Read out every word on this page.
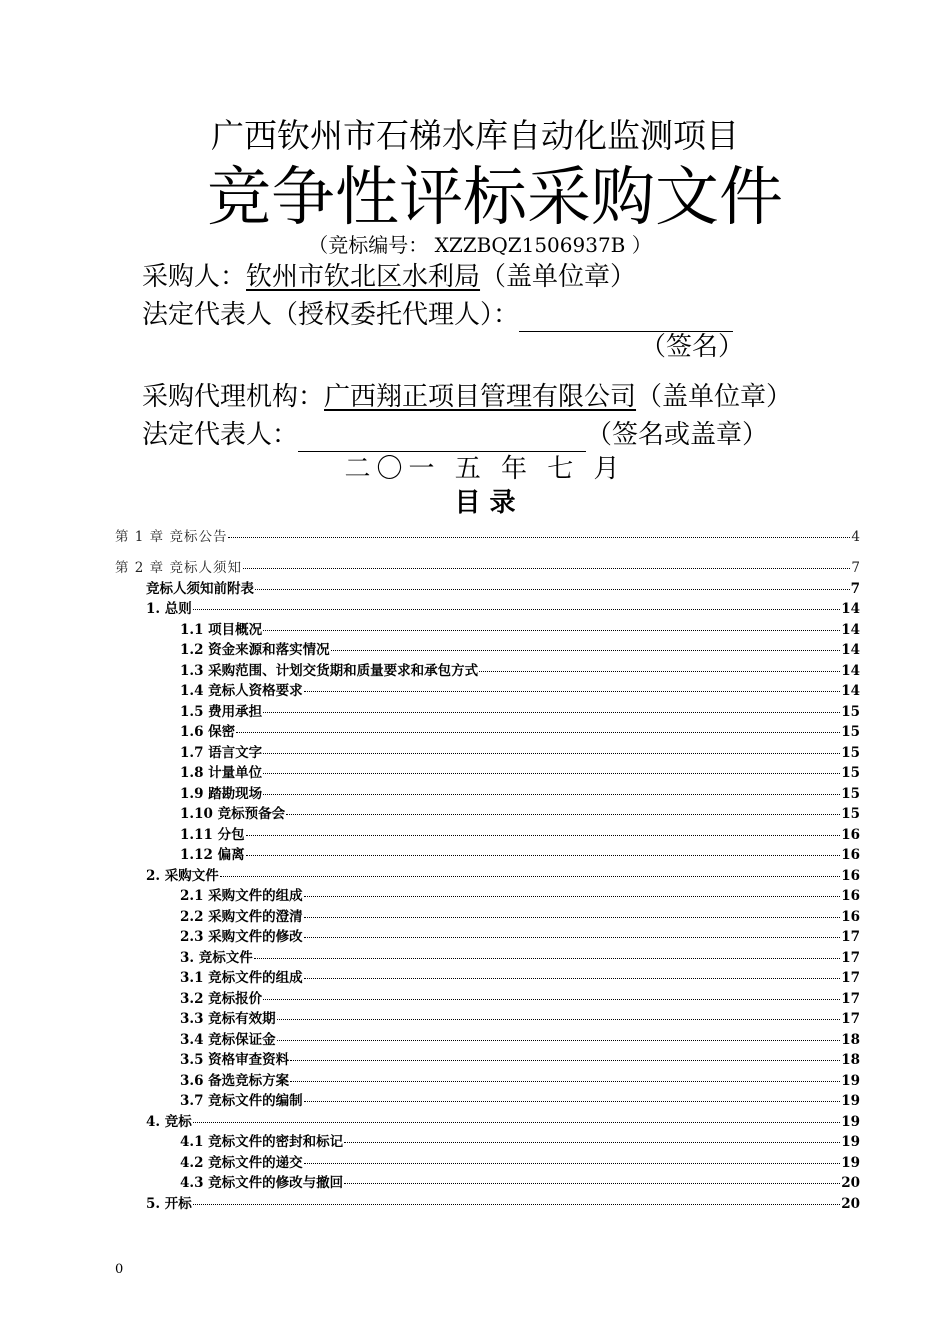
广西钦州市石梯水库自动化监测项目
竞争性评标采购文件
（竞标编号： XZZBQZ1506937B ）
采购人：钦州市钦北区水利局（盖单位章）
法定代表人（授权委托代理人）：
（签名）
采购代理机构：广西翔正项目管理有限公司（盖单位章）
法定代表人：	（签名或盖章）
二〇一 五 年 七 月
目 录
第 1 章 竞标公告	4
第 2 章 竞标人须知	7
竞标人须知前附表	7
1. 总则	14
1.1 项目概况	14
1.2 资金来源和落实情况	14
1.3 采购范围、计划交货期和质量要求和承包方式	14
1.4 竞标人资格要求	14
1.5 费用承担	15
1.6 保密	15
1.7 语言文字	15
1.8 计量单位	15
1.9 踏勘现场	15
1.10 竞标预备会	15
1.11 分包	16
1.12 偏离	16
2. 采购文件	16
2.1 采购文件的组成	16
2.2 采购文件的澄清	16
2.3 采购文件的修改	17
3. 竞标文件	17
3.1 竞标文件的组成	17
3.2 竞标报价	17
3.3 竞标有效期	17
3.4 竞标保证金	18
3.5 资格审查资料	18
3.6 备选竞标方案	19
3.7 竞标文件的编制	19
4. 竞标	19
4.1 竞标文件的密封和标记	19
4.2 竞标文件的递交	19
4.3 竞标文件的修改与撤回	20
5. 开标	20
0
